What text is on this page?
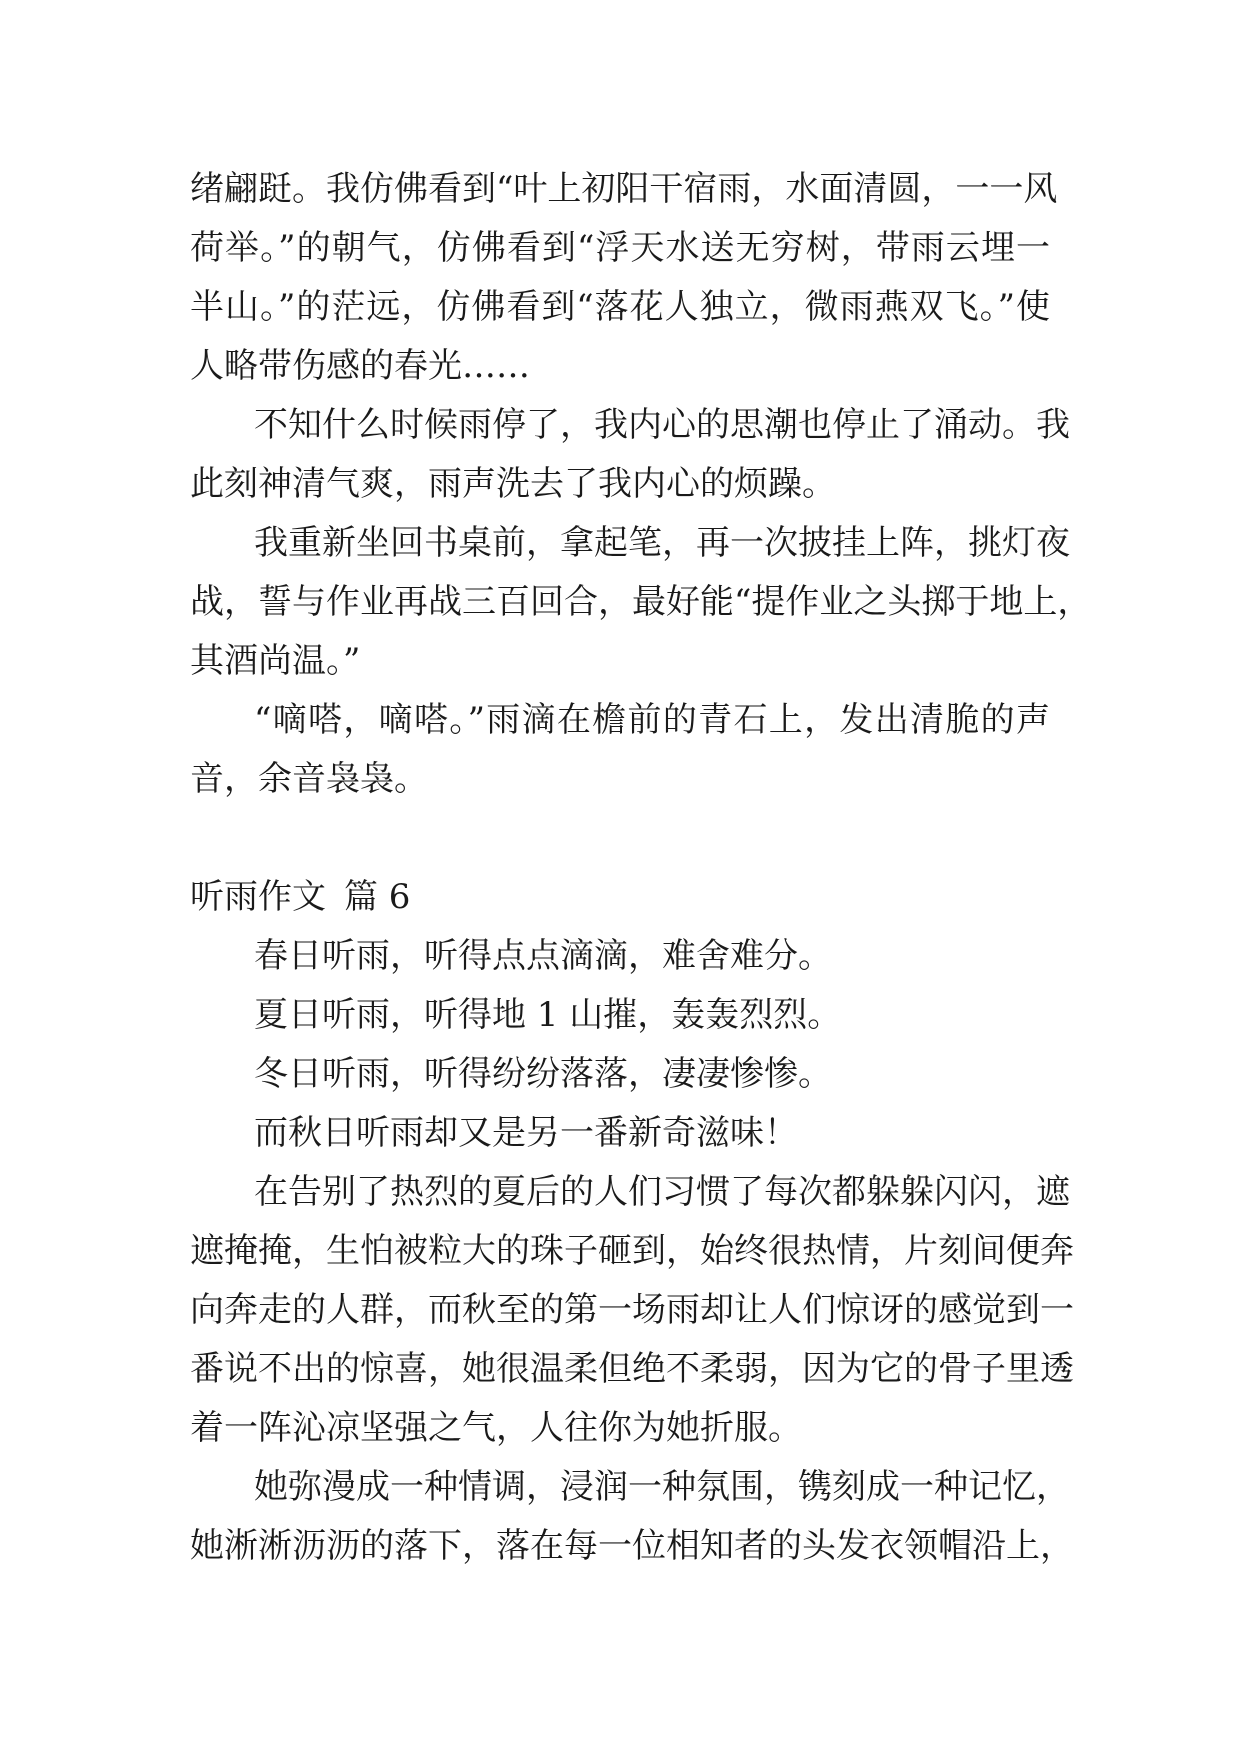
绪翩跹。我仿佛看到“叶上初阳干宿雨，水面清圆，一一风
荷举。”的朝气，仿佛看到“浮天水送无穷树，带雨云埋一
半山。”的茫远，仿佛看到“落花人独立，微雨燕双飞。”使
人略带伤感的春光……
不知什么时候雨停了，我内心的思潮也停止了涌动。我
此刻神清气爽，雨声洗去了我内心的烦躁。
我重新坐回书桌前，拿起笔，再一次披挂上阵，挑灯夜
战，誓与作业再战三百回合，最好能“提作业之头掷于地上，
其酒尚温。”
“嘀嗒，嘀嗒。”雨滴在檐前的青石上，发出清脆的声
音，余音袅袅。
听雨作文 篇 6
春日听雨，听得点点滴滴，难舍难分。
夏日听雨，听得地 1 山摧，轰轰烈烈。
冬日听雨，听得纷纷落落，凄凄惨惨。
而秋日听雨却又是另一番新奇滋味！
在告别了热烈的夏后的人们习惯了每次都躲躲闪闪，遮
遮掩掩，生怕被粒大的珠子砸到，始终很热情，片刻间便奔
向奔走的人群，而秋至的第一场雨却让人们惊讶的感觉到一
番说不出的惊喜，她很温柔但绝不柔弱，因为它的骨子里透
着一阵沁凉坚强之气，人往你为她折服。
她弥漫成一种情调，浸润一种氛围，镌刻成一种记忆，
她淅淅沥沥的落下，落在每一位相知者的头发衣领帽沿上，
